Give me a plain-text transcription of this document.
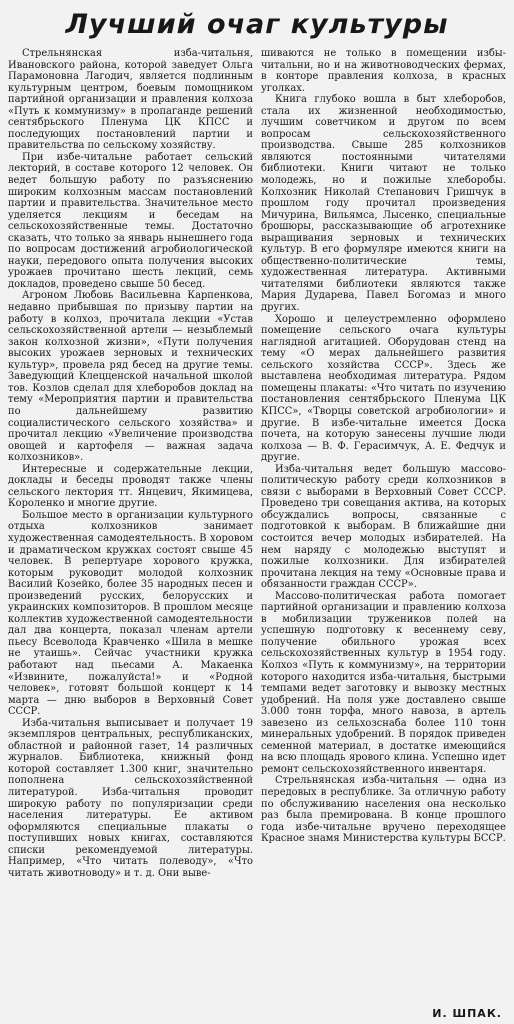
Лучший очаг культуры

Стрельнянская изба-читальня, Ивановского района, которой заведует Ольга Парамоновна Лагодич, является подлинным культурным центром, боевым помощником партийной организации и правления колхоза «Путь к коммунизму» в пропаганде решений сентябрьского Пленума ЦК КПСС и последующих постановлений партии и правительства по сельскому хозяйству.

При избе-читальне работает сельский лекторий, в составе которого 12 человек. Он ведет большую работу по разъяснению широким колхозным массам постановлений партии и правительства. Значительное место уделяется лекциям и беседам на сельскохозяйственные темы. Достаточно сказать, что только за январь нынешнего года по вопросам достижений агробиологической науки, передового опыта получения высоких урожаев прочитано шесть лекций, семь докладов, проведено свыше 50 бесед.

Агроном Любовь Васильевна Карпенкова, недавно прибывшая по призыву партии на работу в колхоз, прочитала лекции «Устав сельскохозяйственной артели — незыблемый закон колхозной жизни», «Пути получения высоких урожаев зерновых и технических культур», провела ряд бесед на другие темы. Заведующий Клецценской начальной школой тов. Козлов сделал для хлеборобов доклад на тему «Мероприятия партии и правительства по дальнейшему развитию социалистического сельского хозяйства» и прочитал лекцию «Увеличение производства овощей и картофеля — важная задача колхозников».

Интересные и содержательные лекции, доклады и беседы проводят также члены сельского лектория тт. Янцевич, Якимицева, Короленко и многие другие.

Большое место в организации культурного отдыха колхозников занимает художественная самодеятельность. В хоровом и драматическом кружках состоят свыше 45 человек. В репертуаре хорового кружка, которым руководит молодой колхозник Василий Козейко, более 35 народных песен и произведений русских, белорусских и украинских композиторов. В прошлом месяце коллектив художественной самодеятельности дал два концерта, показал членам артели пьесу Всеволода Кравченко «Шила в мешке не утаишь». Сейчас участники кружка работают над пьесами А. Макаенка «Извините, пожалуйста!» и «Родной человек», готовят большой концерт к 14 марта — дню выборов в Верховный Совет СССР.

Изба-читальня выписывает и получает 19 экземпляров центральных, республиканских, областной и районной газет, 14 различных журналов. Библиотека, книжный фонд которой составляет 1.300 книг, значительно пополнена сельскохозяйственной литературой. Изба-читальня проводит широкую работу по популяризации среди населения литературы. Ее активом оформляются специальные плакаты о поступивших новых книгах, составляются списки рекомендуемой литературы. Например, «Что читать полеводу», «Что читать животноводу» и т. д. Они выве-

шиваются не только в помещении избы-читальни, но и на животноводческих фермах, в конторе правления колхоза, в красных уголках.

Книга глубоко вошла в быт хлеборобов, стала их жизненной необходимостью, лучшим советчиком и другом по всем вопросам сельскохозяйственного производства. Свыше 285 колхозников являются постоянными читателями библиотеки. Книги читают не только молодежь, но и пожилые хлеборобы. Колхозник Николай Степанович Гришчук в прошлом году прочитал произведения Мичурина, Вильямса, Лысенко, специальные брошюры, рассказывающие об агротехнике выращивания зерновых и технических культур. В его формуляре имеются книги на общественно-политические темы, художественная литература. Активными читателями библиотеки являются также Мария Дударева, Павел Богомаз и много других.

Хорошо и целеустремленно оформлено помещение сельского очага культуры наглядной агитацией. Оборудован стенд на тему «О мерах дальнейшего развития сельского хозяйства СССР». Здесь же выставлена необходимая литература. Рядом помещены плакаты: «Что читать по изучению постановления сентябрьского Пленума ЦК КПСС», «Творцы советской агробиологии» и другие. В избе-читальне имеется Доска почета, на которую занесены лучшие люди колхоза — В. Ф. Герасимчук, А. Е. Федчук и другие.

Изба-читальня ведет большую массово-политическую работу среди колхозников в связи с выборами в Верховный Совет СССР. Проведено три совещания актива, на которых обсуждались вопросы, связанные с подготовкой к выборам. В ближайшие дни состоится вечер молодых избирателей. На нем наряду с молодежью выступят и пожилые колхозники. Для избирателей прочитана лекция на тему «Основные права и обязанности граждан СССР».

Массово-политическая работа помогает партийной организации и правлению колхоза в мобилизации тружеников полей на успешную подготовку к весеннему севу, получение обильного урожая всех сельскохозяйственных культур в 1954 году. Колхоз «Путь к коммунизму», на территории которого находится изба-читальня, быстрыми темпами ведет заготовку и вывозку местных удобрений. На поля уже доставлено свыше 3.000 тонн торфа, много навоза, в артель завезено из сельхозснаба более 110 тонн минеральных удобрений. В порядок приведен семенной материал, в достатке имеющийся на всю площадь ярового клина. Успешно идет ремонт сельскохозяйственного инвентаря.

Стрельнянская изба-читальня — одна из передовых в республике. За отличную работу по обслуживанию населения она несколько раз была премирована. В конце прошлого года избе-читальне вручено переходящее Красное знамя Министерства культуры БССР.

И. ШПАК.
